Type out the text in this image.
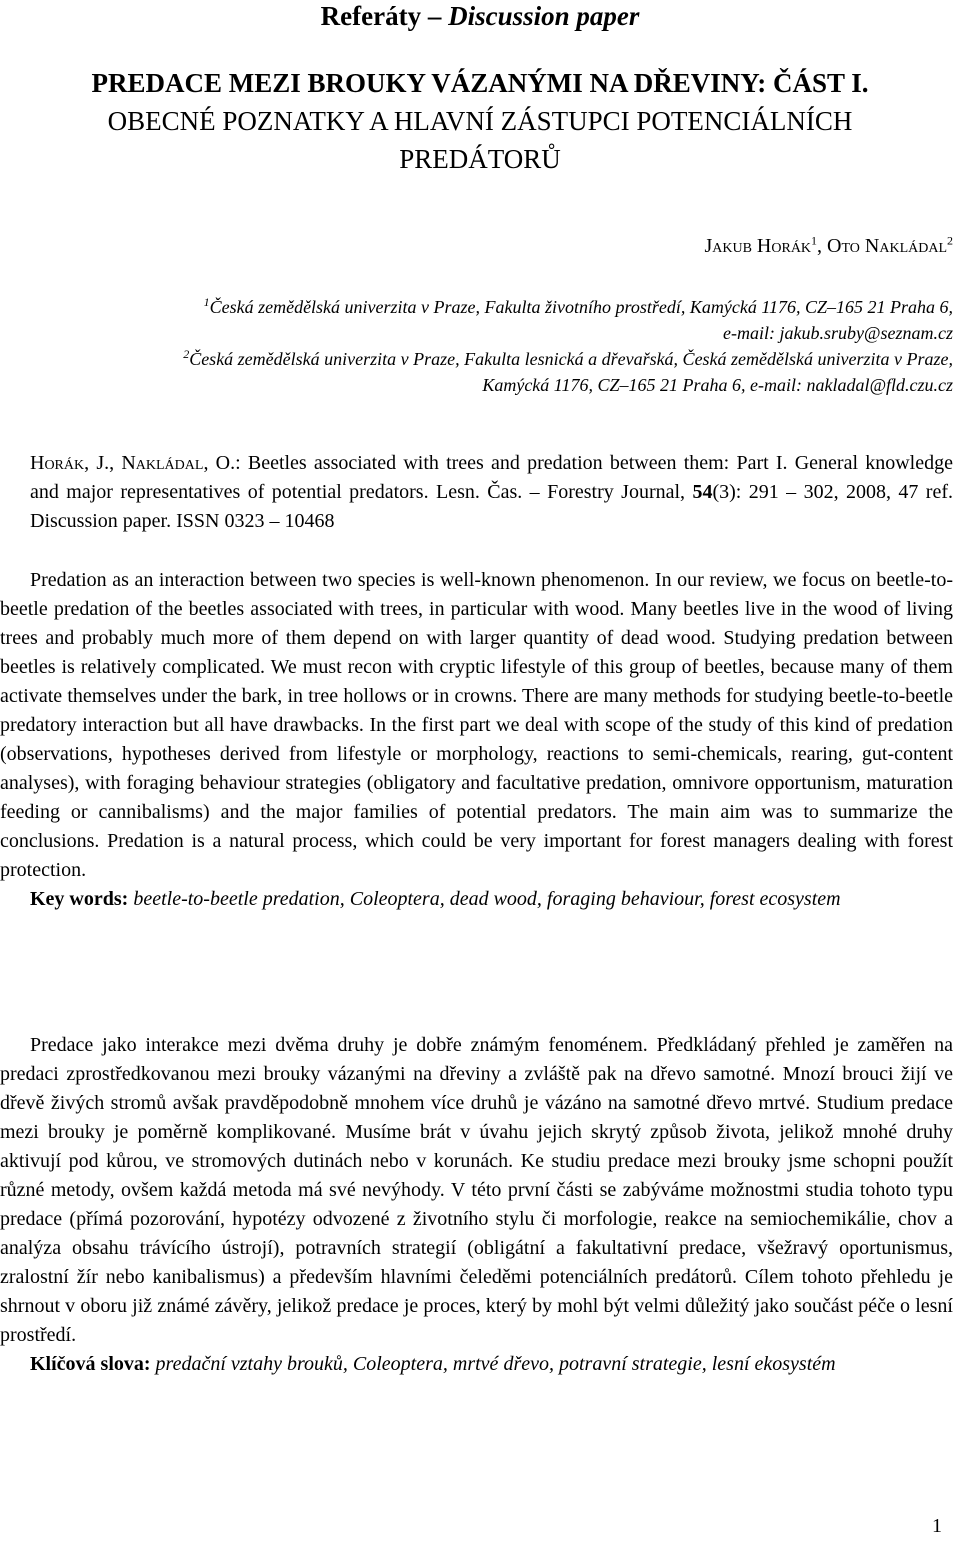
Referáty – Discussion paper
PREDACE MEZI BROUKY VÁZANÝMI NA DŘEVINY: ČÁST I.
OBECNÉ POZNATKY A HLAVNÍ ZÁSTUPCI POTENCIÁLNÍCH
PREDÁTORŮ
Jakub Horák$^1$, Oto Nakládal$^2$

$^1$Česká zemědělská univerzita v Praze, Fakulta životního prostředí, Kamýcká 1176, CZ–165 21 Praha 6,

e-mail: jakub.sruby@seznam.cz

$^2$Česká zemědělská univerzita v Praze, Fakulta lesnická a dřevařská, Česká zemědělská univerzita v Praze,

Kamýcká 1176, CZ–165 21 Praha 6, e-mail: nakladal@fld.czu.cz

Horák, J., Nakládal, O.: Beetles associated with trees and predation between them: Part I. General knowledge and major representatives of potential predators. Lesn. Čas. – Forestry Journal, 54(3): 291 – 302, 2008, 47 ref. Discussion paper. ISSN 0323 – 10468

Predation as an interaction between two species is well-known phenomenon. In our review, we focus on beetle-to-beetle predation of the beetles associated with trees, in particular with wood. Many beetles live in the wood of living trees and probably much more of them depend on with larger quantity of dead wood. Studying predation between beetles is relatively complicated. We must recon with cryptic lifestyle of this group of beetles, because many of them activate themselves under the bark, in tree hollows or in crowns. There are many methods for studying beetle-to-beetle predatory interaction but all have drawbacks. In the first part we deal with scope of the study of this kind of predation (observations, hypotheses derived from lifestyle or morphology, reactions to semi-chemicals, rearing, gut-content analyses), with foraging behaviour strategies (obligatory and facultative predation, omnivore opportunism, maturation feeding or cannibalisms) and the major families of potential predators. The main aim was to summarize the conclusions. Predation is a natural process, which could be very important for forest managers dealing with forest protection.

Key words: beetle-to-beetle predation, Coleoptera, dead wood, foraging behaviour, forest ecosystem

Predace jako interakce mezi dvěma druhy je dobře známým fenoménem. Předkládaný přehled je zaměřen na predaci zprostředkovanou mezi brouky vázanými na dřeviny a zvláště pak na dřevo samotné. Mnozí brouci žijí ve dřevě živých stromů avšak pravděpodobně mnohem více druhů je vázáno na samotné dřevo mrtvé. Studium predace mezi brouky je poměrně komplikované. Musíme brát v úvahu jejich skrytý způsob života, jelikož mnohé druhy aktivují pod kůrou, ve stromových dutinách nebo v korunách. Ke studiu predace mezi brouky jsme schopni použít různé metody, ovšem každá metoda má své nevýhody. V této první části se zabýváme možnostmi studia tohoto typu predace (přímá pozorování, hypotézy odvozené z životního stylu či morfologie, reakce na semiochemikálie, chov a analýza obsahu trávícího ústrojí), potravních strategií (obligátní a fakultativní predace, všežravý oportunismus, zralostní žír nebo kanibalismus) a především hlavními čeleděmi potenciálních predátorů. Cílem tohoto přehledu je shrnout v oboru již známé závěry, jelikož predace je proces, který by mohl být velmi důležitý jako součást péče o lesní prostředí.

Klíčová slova: predační vztahy brouků, Coleoptera, mrtvé dřevo, potravní strategie, lesní ekosystém

1
